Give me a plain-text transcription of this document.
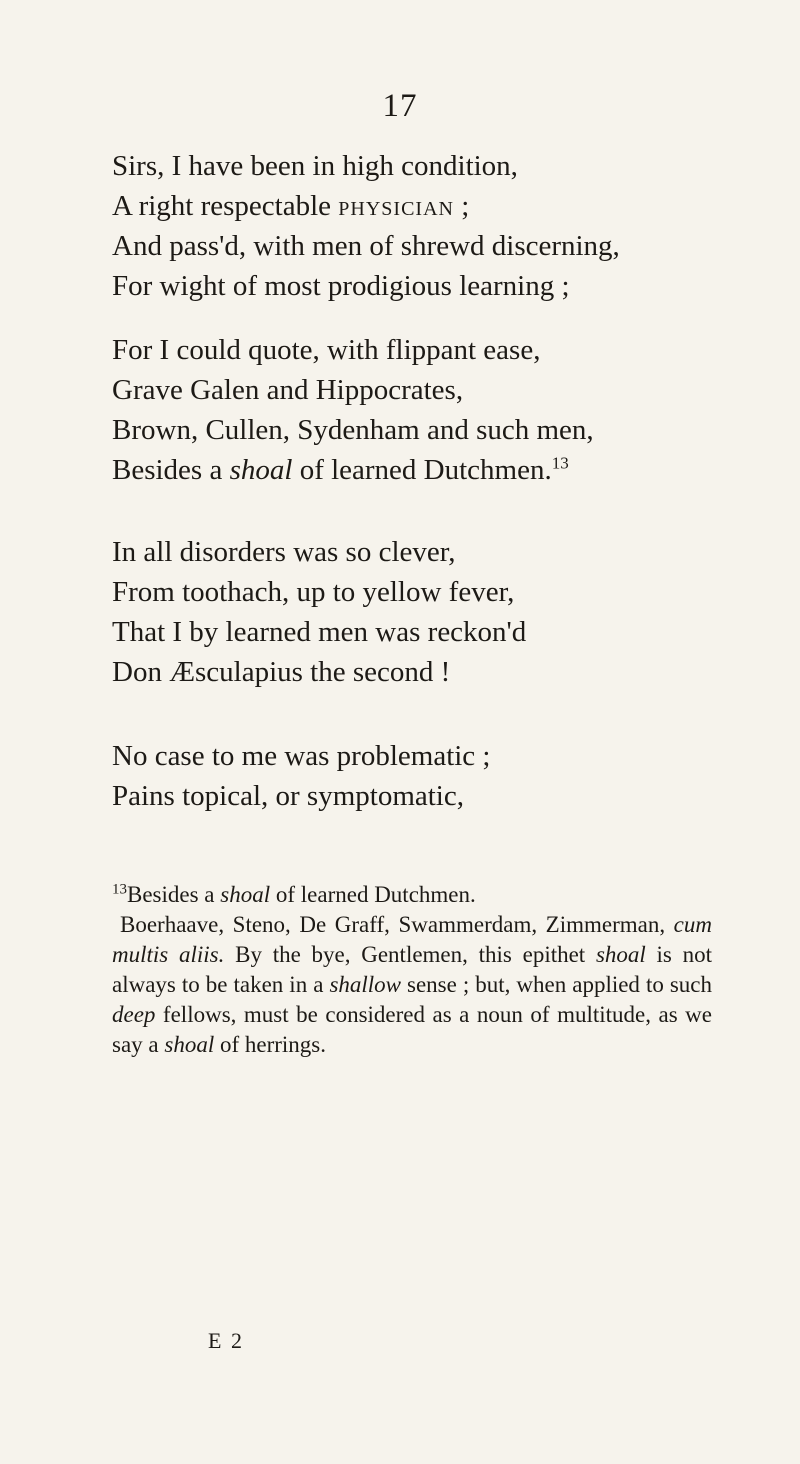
17
Sirs, I have been in high condition,
A right respectable physician ;
And pass'd, with men of shrewd discerning,
For wight of most prodigious learning ;
For I could quote, with flippant ease,
Grave Galen and Hippocrates,
Brown, Cullen, Sydenham and such men,
Besides a shoal of learned Dutchmen.$^{13}$
In all disorders was so clever,
From toothach, up to yellow fever,
That I by learned men was reckon'd
Don Æsculapius the second !
No case to me was problematic ;
Pains topical, or symptomatic,
$^{13}$Besides a shoal of learned Dutchmen.
Boerhaave, Steno, De Graff, Swammerdam, Zimmerman, cum multis aliis. By the bye, Gentlemen, this epithet shoal is not always to be taken in a shallow sense ; but, when applied to such deep fellows, must be considered as a noun of multitude, as we say a shoal of herrings.
E 2
